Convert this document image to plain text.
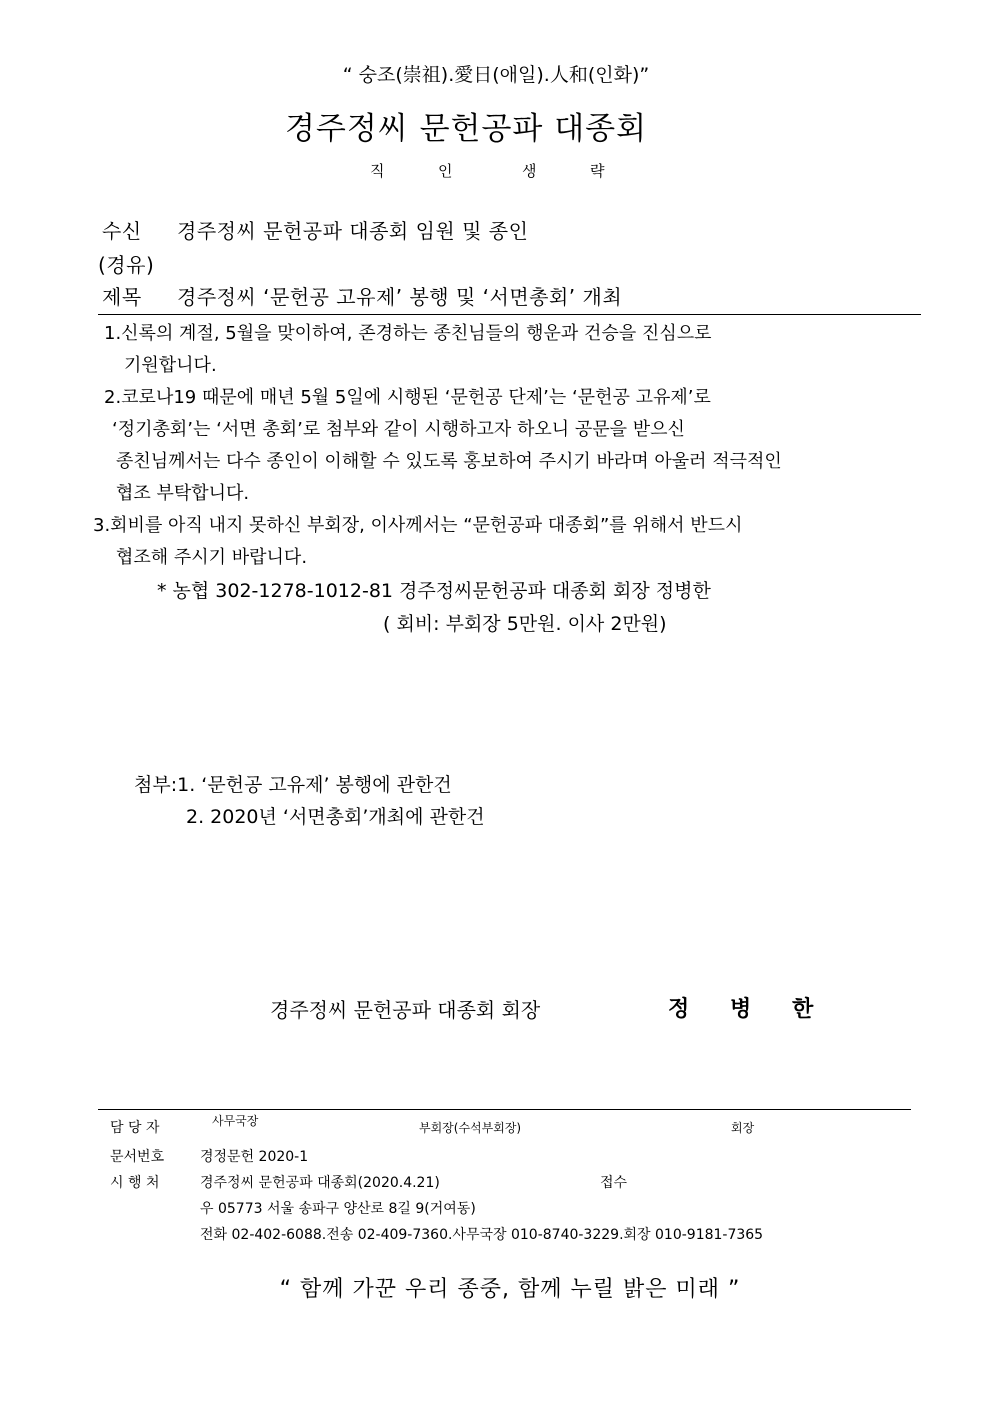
“ 숭조(崇祖).愛日(애일).人和(인화)”
경주정씨 문헌공파 대종회
직	인	생	략
수신 경주정씨 문헌공파 대종회 임원 및 종인
(경유)
제목 경주정씨 ‘문헌공 고유제’ 봉행 및 ‘서면총회’ 개최
1.신록의 계절, 5월을 맞이하여, 존경하는 종친님들의 행운과 건승을 진심으로
기원합니다.
2.코로나19 때문에 매년 5월 5일에 시행된 ‘문헌공 단제’는 ‘문헌공 고유제’로
‘정기총회’는 ‘서면 총회’로 첨부와 같이 시행하고자 하오니 공문을 받으신
종친님께서는 다수 종인이 이해할 수 있도록 홍보하여 주시기 바라며 아울러 적극적인
협조 부탁합니다.
3.회비를 아직 내지 못하신 부회장, 이사께서는 “문헌공파 대종회”를 위해서 반드시
협조해 주시기 바랍니다.
* 농협 302-1278-1012-81 경주정씨문헌공파 대종회 회장 정병한
( 회비: 부회장 5만원. 이사 2만원)
첨부:1. ‘문헌공 고유제’ 봉행에 관한건
2. 2020년 ‘서면총회’개최에 관한건
경주정씨 문헌공파 대종회 회장	정 병 한
담 당 자	사무국장	부회장(수석부회장)	회장
문서번호	경정문헌 2020-1
시 행 처	경주정씨 문헌공파 대종회(2020.4.21)	접수
우 05773 서울 송파구 양산로 8길 9(거여동)
전화 02-402-6088.전송 02-409-7360.사무국장 010-8740-3229.회장 010-9181-7365
“ 함께 가꾼 우리 종중, 함께 누릴 밝은 미래 ”
